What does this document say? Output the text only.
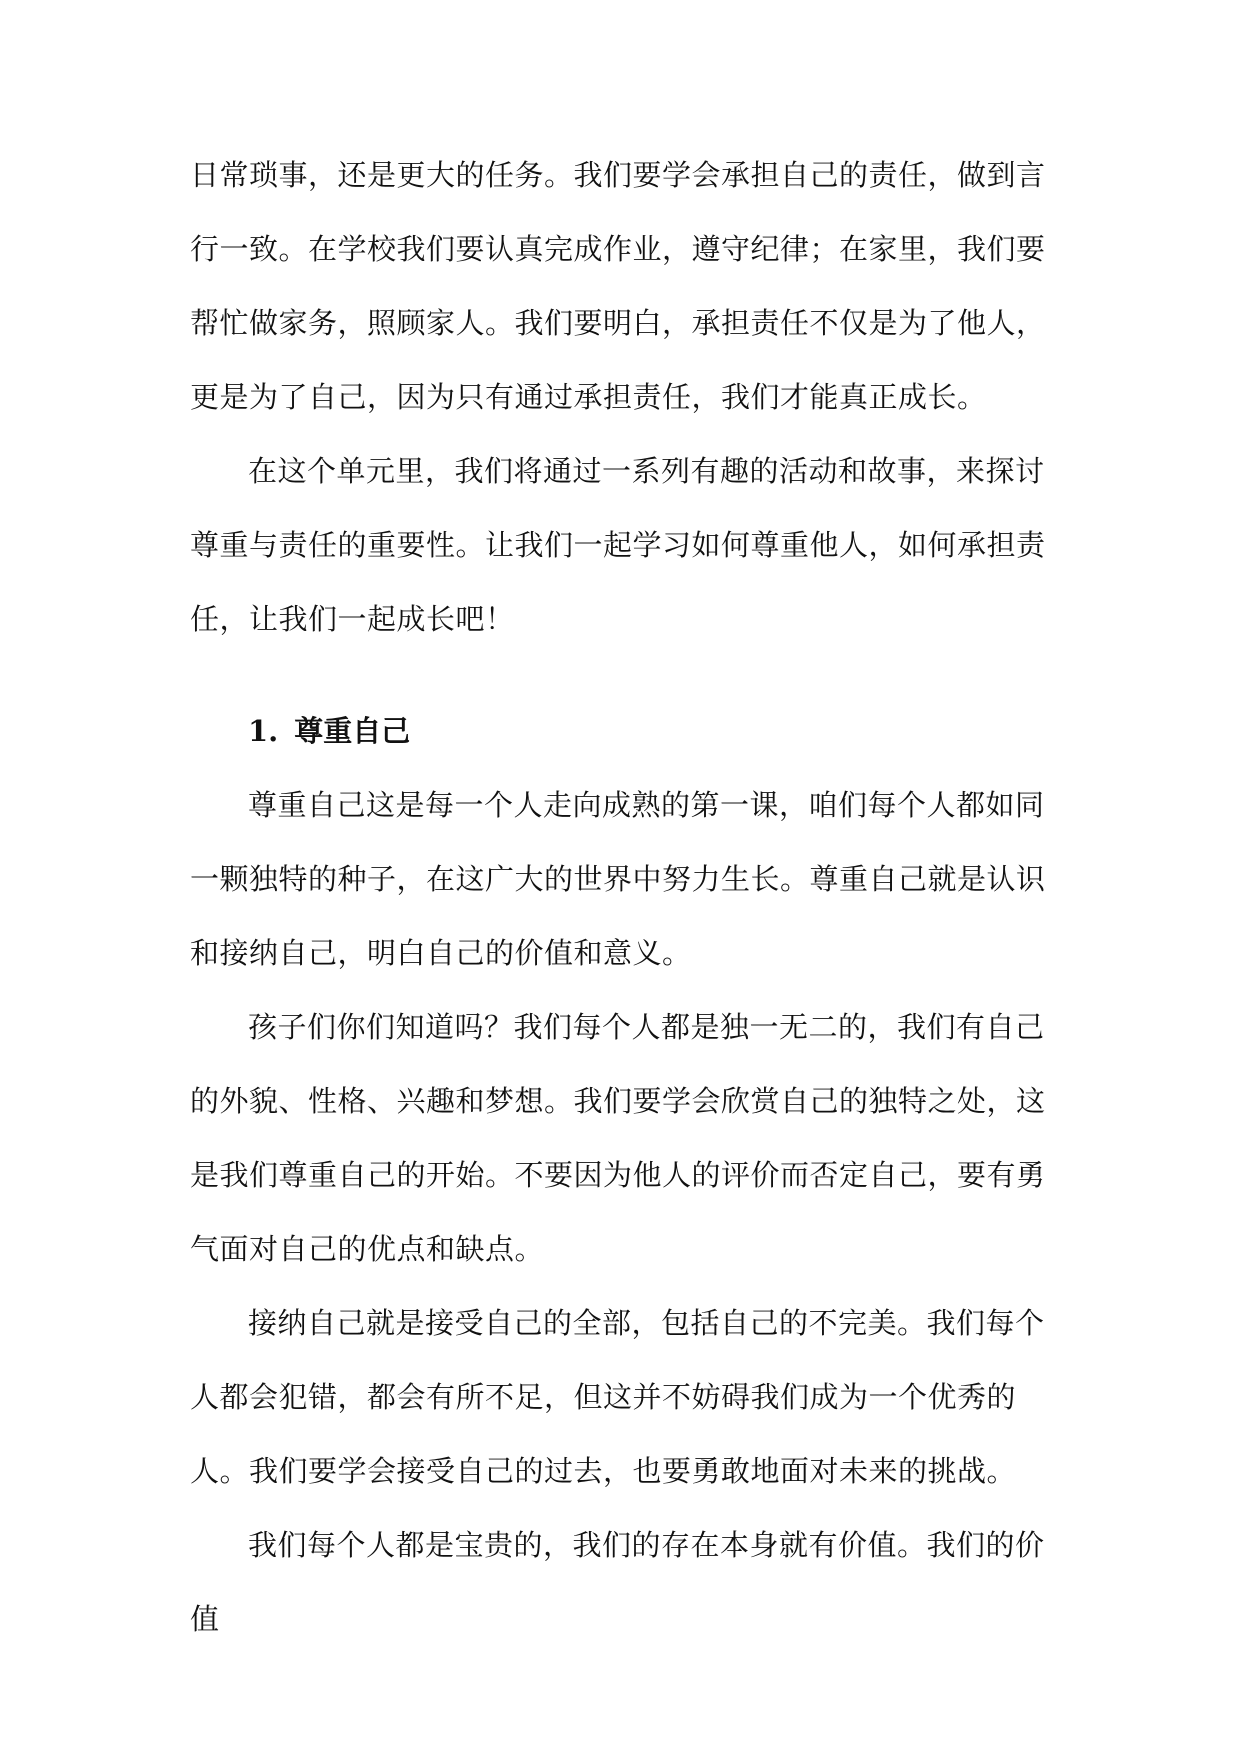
日常琐事，还是更大的任务。我们要学会承担自己的责任，做到言行一致。在学校我们要认真完成作业，遵守纪律；在家里，我们要帮忙做家务，照顾家人。我们要明白，承担责任不仅是为了他人，更是为了自己，因为只有通过承担责任，我们才能真正成长。

在这个单元里，我们将通过一系列有趣的活动和故事，来探讨尊重与责任的重要性。让我们一起学习如何尊重他人，如何承担责任，让我们一起成长吧！

1. 尊重自己

尊重自己这是每一个人走向成熟的第一课，咱们每个人都如同一颗独特的种子，在这广大的世界中努力生长。尊重自己就是认识和接纳自己，明白自己的价值和意义。

孩子们你们知道吗？我们每个人都是独一无二的，我们有自己的外貌、性格、兴趣和梦想。我们要学会欣赏自己的独特之处，这是我们尊重自己的开始。不要因为他人的评价而否定自己，要有勇气面对自己的优点和缺点。

接纳自己就是接受自己的全部，包括自己的不完美。我们每个人都会犯错，都会有所不足，但这并不妨碍我们成为一个优秀的人。我们要学会接受自己的过去，也要勇敢地面对未来的挑战。

我们每个人都是宝贵的，我们的存在本身就有价值。我们的价值
